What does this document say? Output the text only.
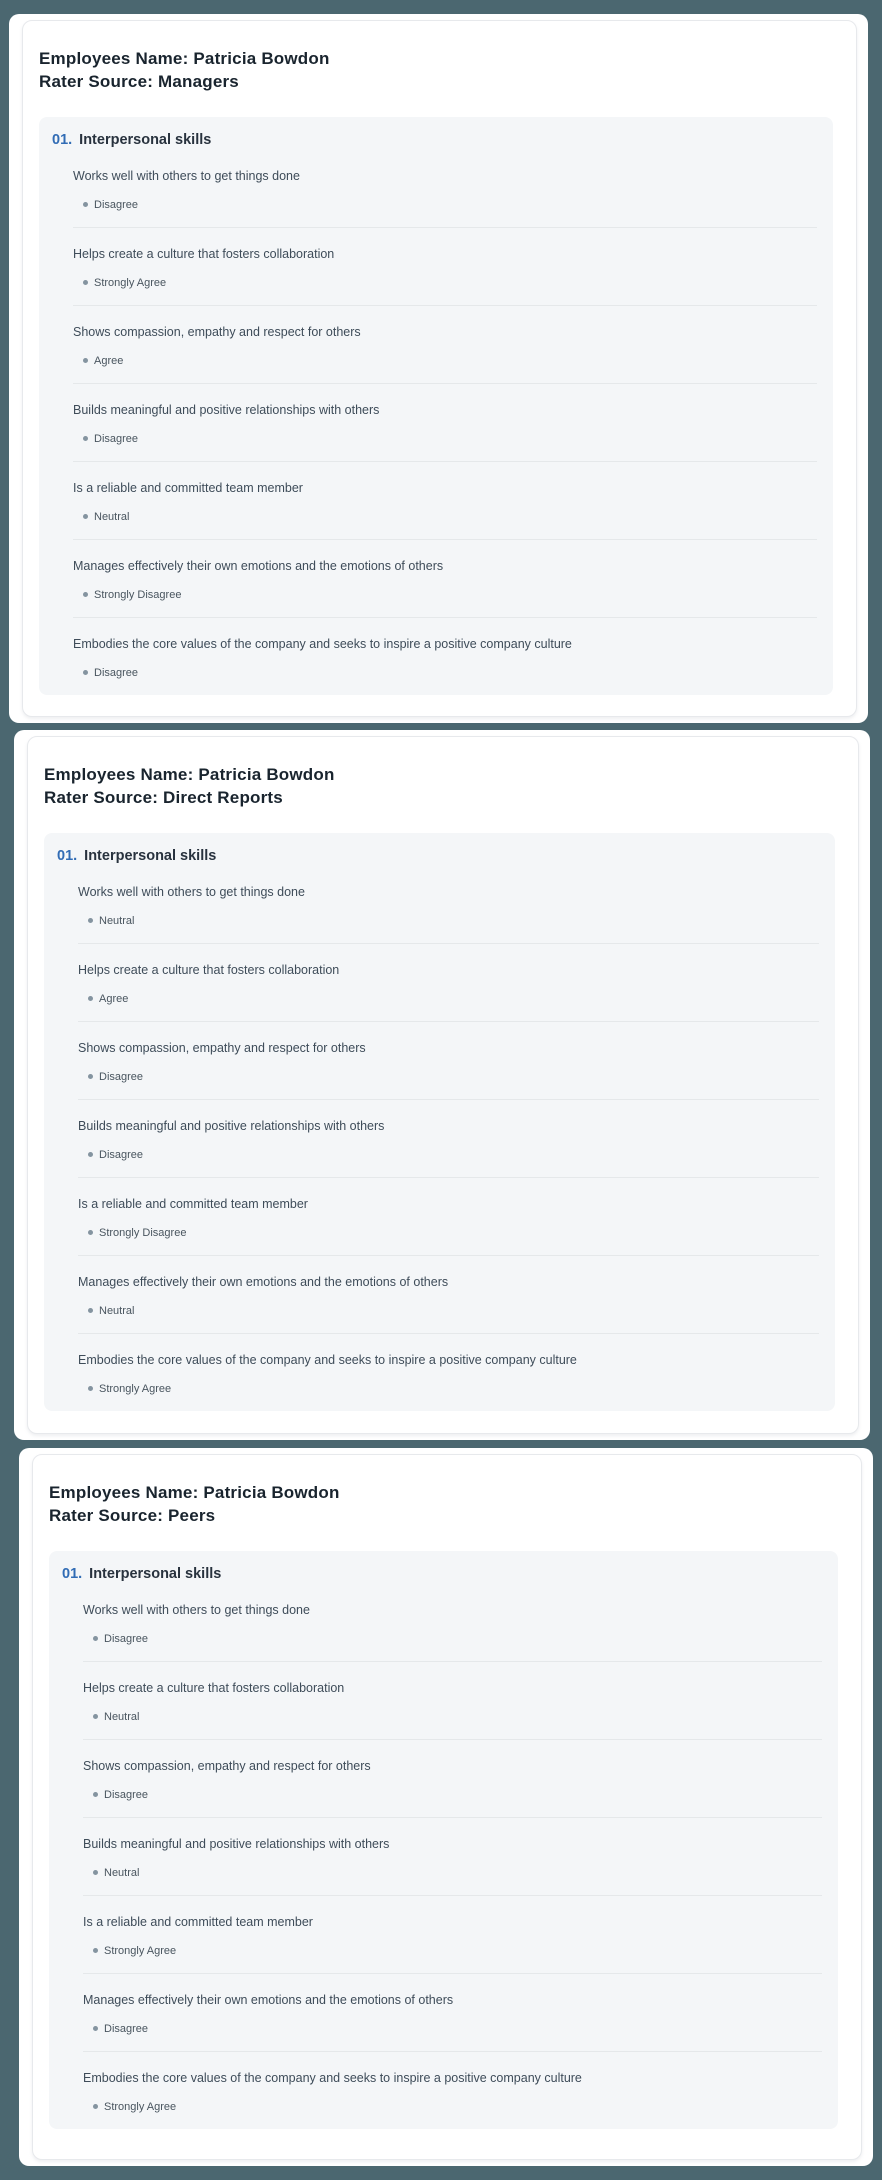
Employees Name: Patricia Bowdon
Rater Source: Managers
01. Interpersonal skills
Works well with others to get things done
Disagree
Helps create a culture that fosters collaboration
Strongly Agree
Shows compassion, empathy and respect for others
Agree
Builds meaningful and positive relationships with others
Disagree
Is a reliable and committed team member
Neutral
Manages effectively their own emotions and the emotions of others
Strongly Disagree
Embodies the core values of the company and seeks to inspire a positive company culture
Disagree
Employees Name: Patricia Bowdon
Rater Source: Direct Reports
01. Interpersonal skills
Works well with others to get things done
Neutral
Helps create a culture that fosters collaboration
Agree
Shows compassion, empathy and respect for others
Disagree
Builds meaningful and positive relationships with others
Disagree
Is a reliable and committed team member
Strongly Disagree
Manages effectively their own emotions and the emotions of others
Neutral
Embodies the core values of the company and seeks to inspire a positive company culture
Strongly Agree
Employees Name: Patricia Bowdon
Rater Source: Peers
01. Interpersonal skills
Works well with others to get things done
Disagree
Helps create a culture that fosters collaboration
Neutral
Shows compassion, empathy and respect for others
Disagree
Builds meaningful and positive relationships with others
Neutral
Is a reliable and committed team member
Strongly Agree
Manages effectively their own emotions and the emotions of others
Disagree
Embodies the core values of the company and seeks to inspire a positive company culture
Strongly Agree
